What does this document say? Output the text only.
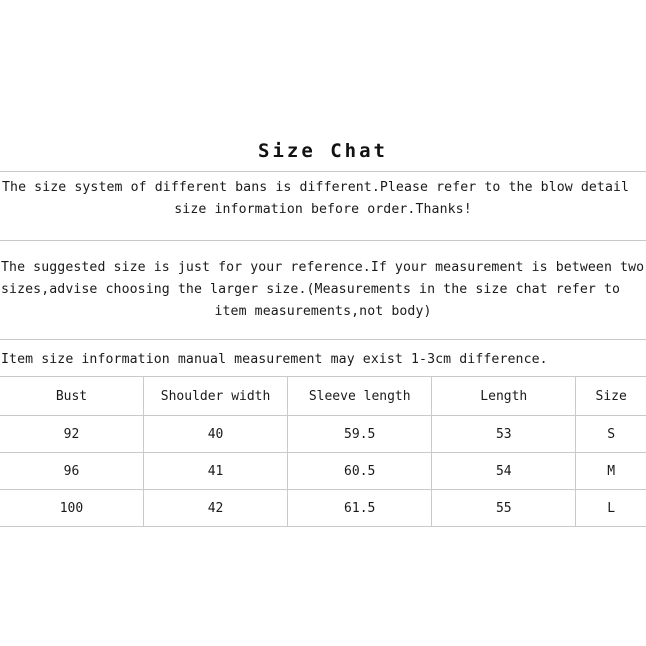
Size Chat
The size system of different bans is different.Please refer to the blow detail
size information before order.Thanks!
The suggested size is just for your reference.If your measurement is between two
sizes,advise choosing the larger size.(Measurements in the size chat refer to
item measurements,not body)
Item size information manual measurement may exist 1-3cm difference.
Bust	Shoulder width	Sleeve length	Length	Size
92	40	59.5	53	S
96	41	60.5	54	M
100	42	61.5	55	L
